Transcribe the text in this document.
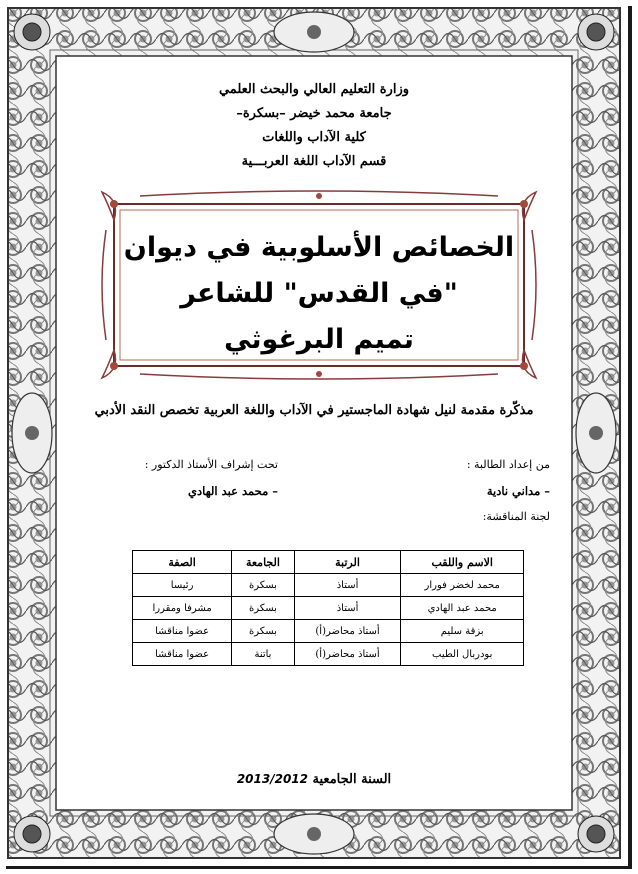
وزارة التعليم العالي والبحث العلمي

جامعة محمد خيضر –بسكرة–

كلية الآداب واللغات

قسم الآداب اللغة العربـــية

الخصائص الأسلوبية في ديوان
"في القدس" للشاعر
تميم البرغوثي
مذكّرة مقدمة لنيل شهادة الماجستير في الآداب واللغة العربية تخصص النقد الأدبي
من إعداد الطالبة :
تحت إشراف الأستاذ الدكتور :
– مداني نادية
– محمد عبد الهادي
لجنة المناقشة:
الاسم واللقب	الرتبة	الجامعة	الصفة
محمد لخضر فورار	أستاذ	بسكرة	رئيسا
محمد عبد الهادي	أستاذ	بسكرة	مشرفا ومقررا
بزقة سليم	أستاذ محاضر(أ)	بسكرة	عضوا مناقشا
بودربال الطيب	أستاذ محاضر(أ)	باتنة	عضوا مناقشا
السنة الجامعية 2013/2012
